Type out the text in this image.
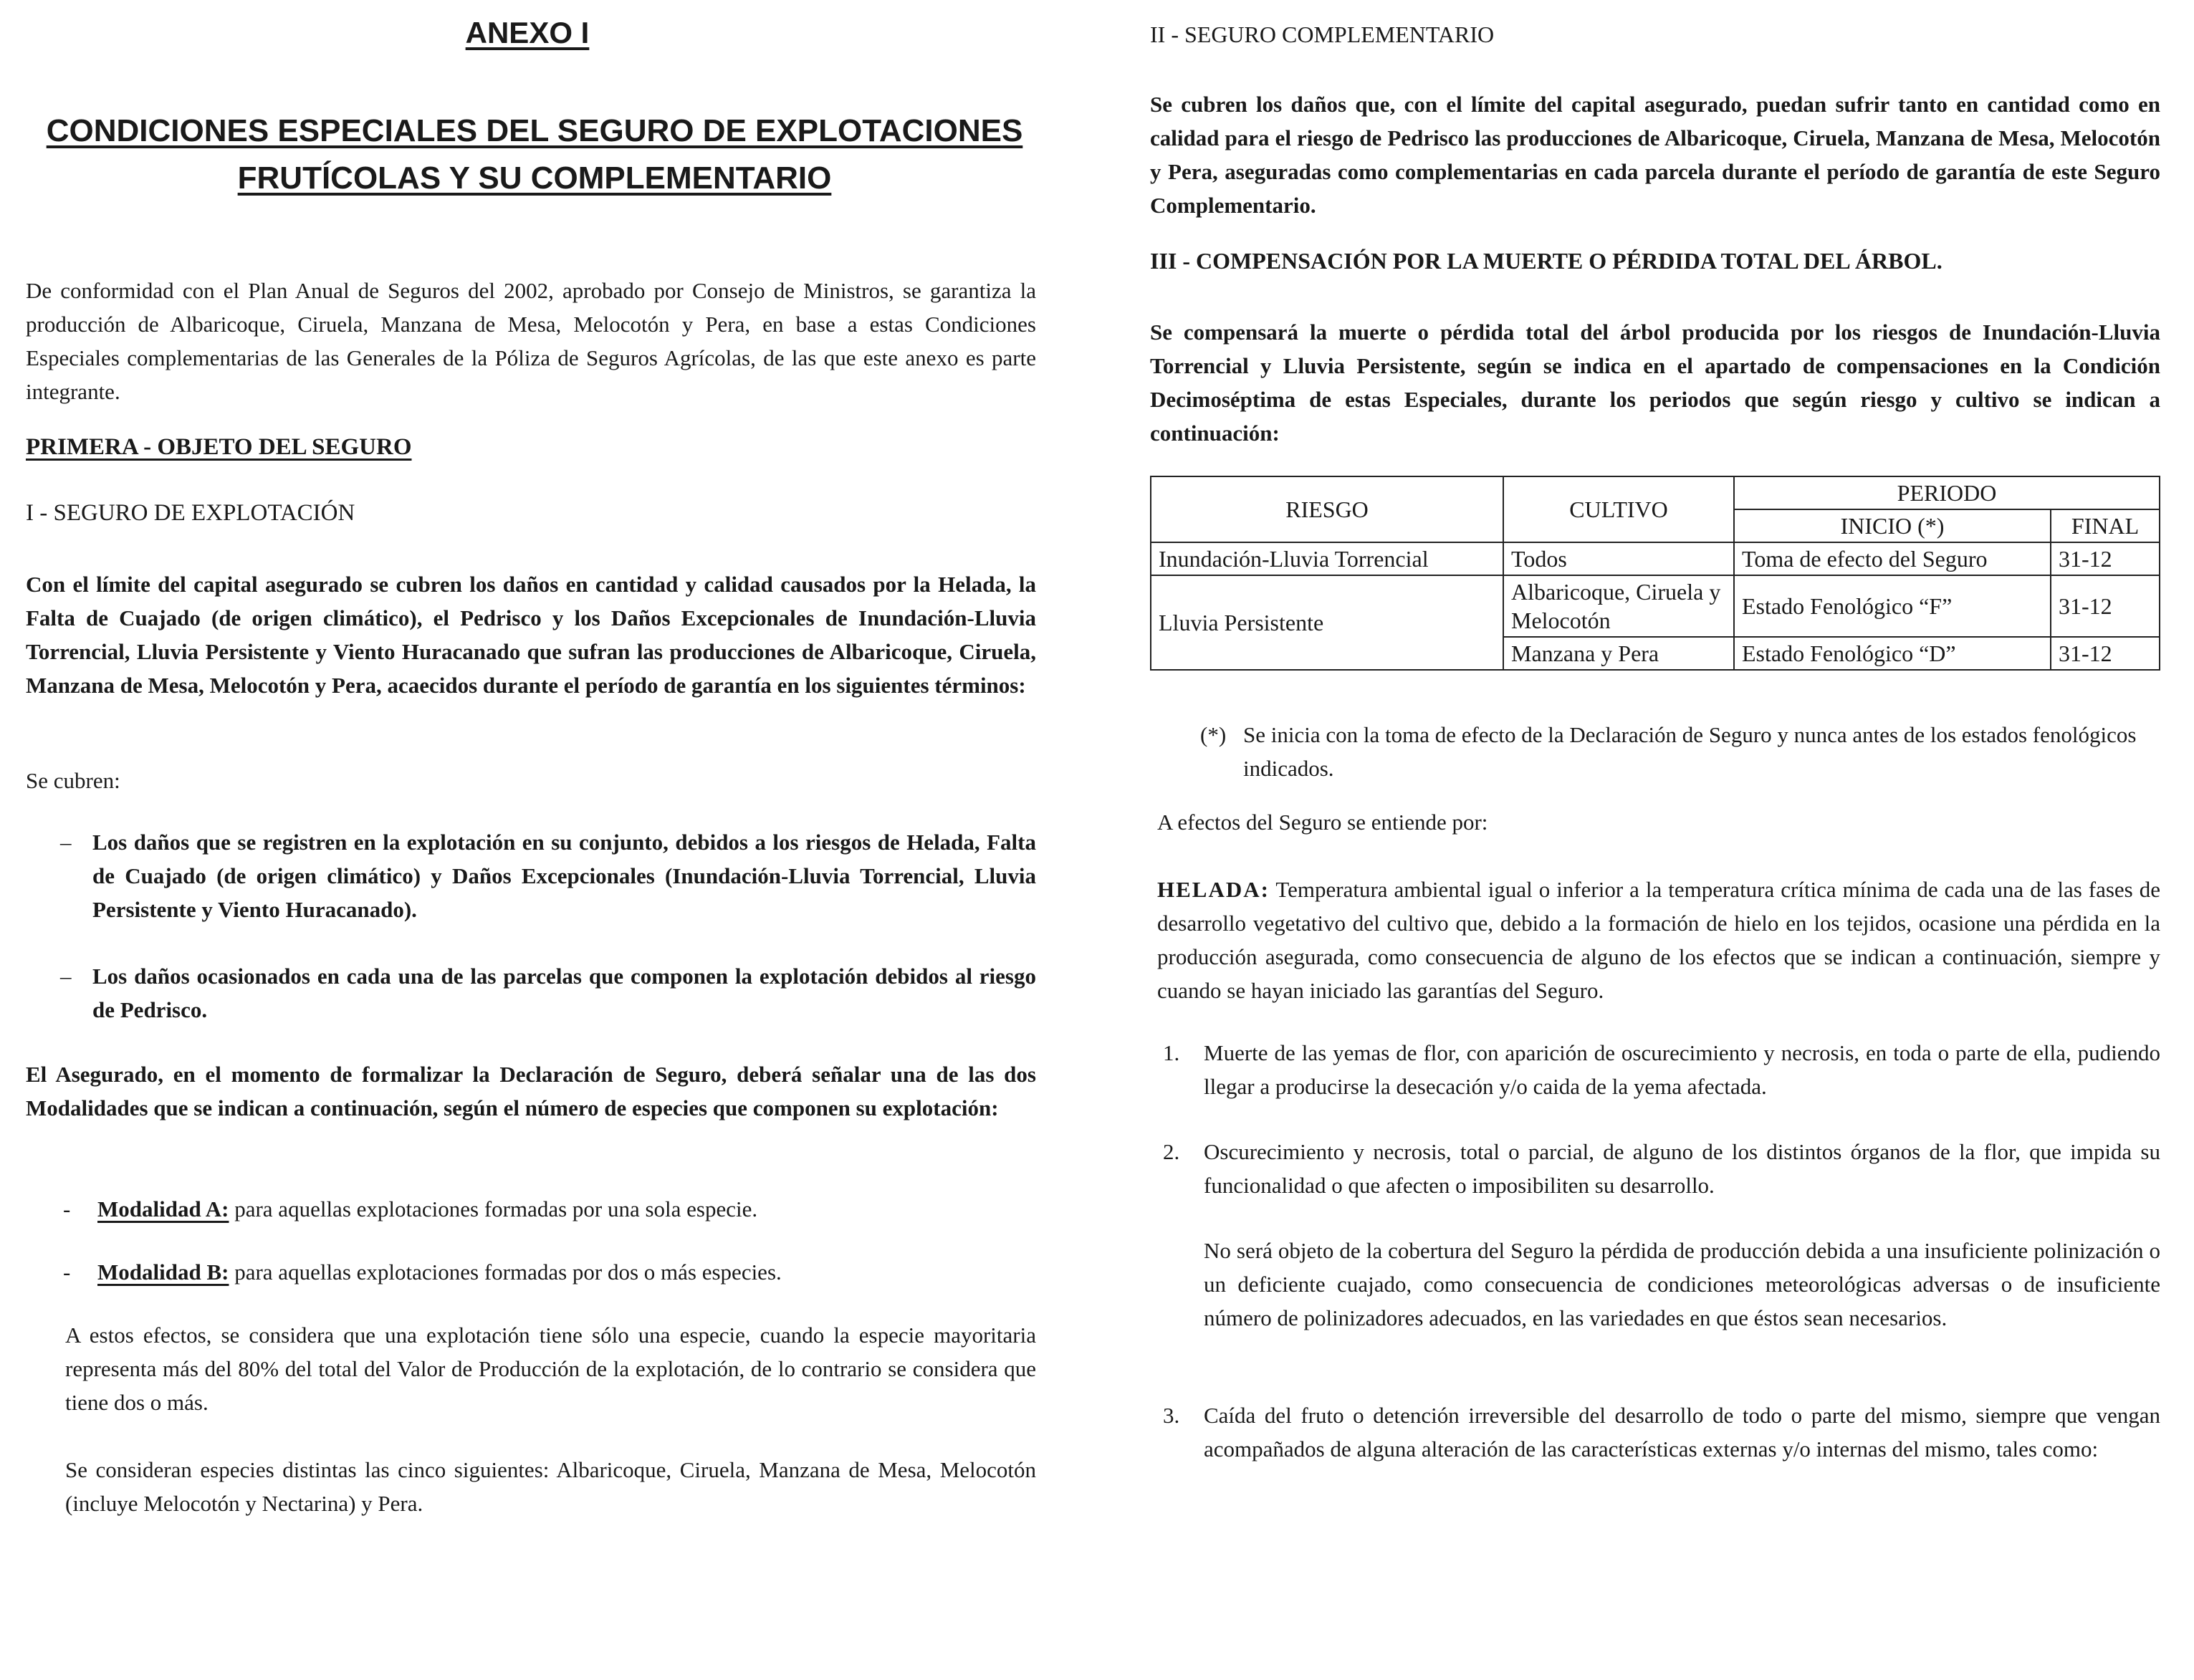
ANEXO I
CONDICIONES ESPECIALES DEL SEGURO DE EXPLOTACIONES
FRUTÍCOLAS Y SU COMPLEMENTARIO

De conformidad con el Plan Anual de Seguros del 2002, aprobado por Consejo de Ministros, se garantiza la producción de Albaricoque, Ciruela, Manzana de Mesa, Melocotón y Pera, en base a estas Condiciones Especiales complementarias de las Generales de la Póliza de Seguros Agrícolas, de las que este anexo es parte integrante.

PRIMERA - OBJETO DEL SEGURO
I - SEGURO DE EXPLOTACIÓN

Con el límite del capital asegurado se cubren los daños en cantidad y calidad causados por la Helada, la Falta de Cuajado (de origen climático), el Pedrisco y los Daños Excepcionales de Inundación-Lluvia Torrencial, Lluvia Persistente y Viento Huracanado que sufran las producciones de Albaricoque, Ciruela, Manzana de Mesa, Melocotón y Pera, acaecidos durante el período de garantía en los siguientes términos:

Se cubren:
– Los daños que se registren en la explotación en su conjunto, debidos a los riesgos de Helada, Falta de Cuajado (de origen climático) y Daños Excepcionales (Inundación-Lluvia Torrencial, Lluvia Persistente y Viento Huracanado).
– Los daños ocasionados en cada una de las parcelas que componen la explotación debidos al riesgo de Pedrisco.

El Asegurado, en el momento de formalizar la Declaración de Seguro, deberá señalar una de las dos Modalidades que se indican a continuación, según el número de especies que componen su explotación:

- Modalidad A: para aquellas explotaciones formadas por una sola especie.
- Modalidad B: para aquellas explotaciones formadas por dos o más especies.

A estos efectos, se considera que una explotación tiene sólo una especie, cuando la especie mayoritaria representa más del 80% del total del Valor de Producción de la explotación, de lo contrario se considera que tiene dos o más.

Se consideran especies distintas las cinco siguientes: Albaricoque, Ciruela, Manzana de Mesa, Melocotón (incluye Melocotón y Nectarina) y Pera.

II - SEGURO COMPLEMENTARIO

Se cubren los daños que, con el límite del capital asegurado, puedan sufrir tanto en cantidad como en calidad para el riesgo de Pedrisco las producciones de Albaricoque, Ciruela, Manzana de Mesa, Melocotón y Pera, aseguradas como complementarias en cada parcela durante el período de garantía de este Seguro Complementario.

III - COMPENSACIÓN POR LA MUERTE O PÉRDIDA TOTAL DEL ÁRBOL.

Se compensará la muerte o pérdida total del árbol producida por los riesgos de Inundación-Lluvia Torrencial y Lluvia Persistente, según se indica en el apartado de compensaciones en la Condición Decimoséptima de estas Especiales, durante los periodos que según riesgo y cultivo se indican a continuación:

RIESGO	CULTIVO	PERIODO	
		INICIO (*)	FINAL
Inundación-Lluvia Torrencial	Todos	Toma de efecto del Seguro	31-12
Lluvia Persistente	Albaricoque, Ciruela y Melocotón	Estado Fenológico “F”	31-12
	Manzana y Pera	Estado Fenológico “D”	31-12
(*) Se inicia con la toma de efecto de la Declaración de Seguro y nunca antes de los estados fenológicos indicados.
A efectos del Seguro se entiende por:

HELADA: Temperatura ambiental igual o inferior a la temperatura crítica mínima de cada una de las fases de desarrollo vegetativo del cultivo que, debido a la formación de hielo en los tejidos, ocasione una pérdida en la producción asegurada, como consecuencia de alguno de los efectos que se indican a continuación, siempre y cuando se hayan iniciado las garantías del Seguro.

1. Muerte de las yemas de flor, con aparición de oscurecimiento y necrosis, en toda o parte de ella, pudiendo llegar a producirse la desecación y/o caida de la yema afectada.
2. Oscurecimiento y necrosis, total o parcial, de alguno de los distintos órganos de la flor, que impida su funcionalidad o que afecten o imposibiliten su desarrollo.

No será objeto de la cobertura del Seguro la pérdida de producción debida a una insuficiente polinización o un deficiente cuajado, como consecuencia de condiciones meteorológicas adversas o de insuficiente número de polinizadores adecuados, en las variedades en que éstos sean necesarios.

3. Caída del fruto o detención irreversible del desarrollo de todo o parte del mismo, siempre que vengan acompañados de alguna alteración de las características externas y/o internas del mismo, tales como:
